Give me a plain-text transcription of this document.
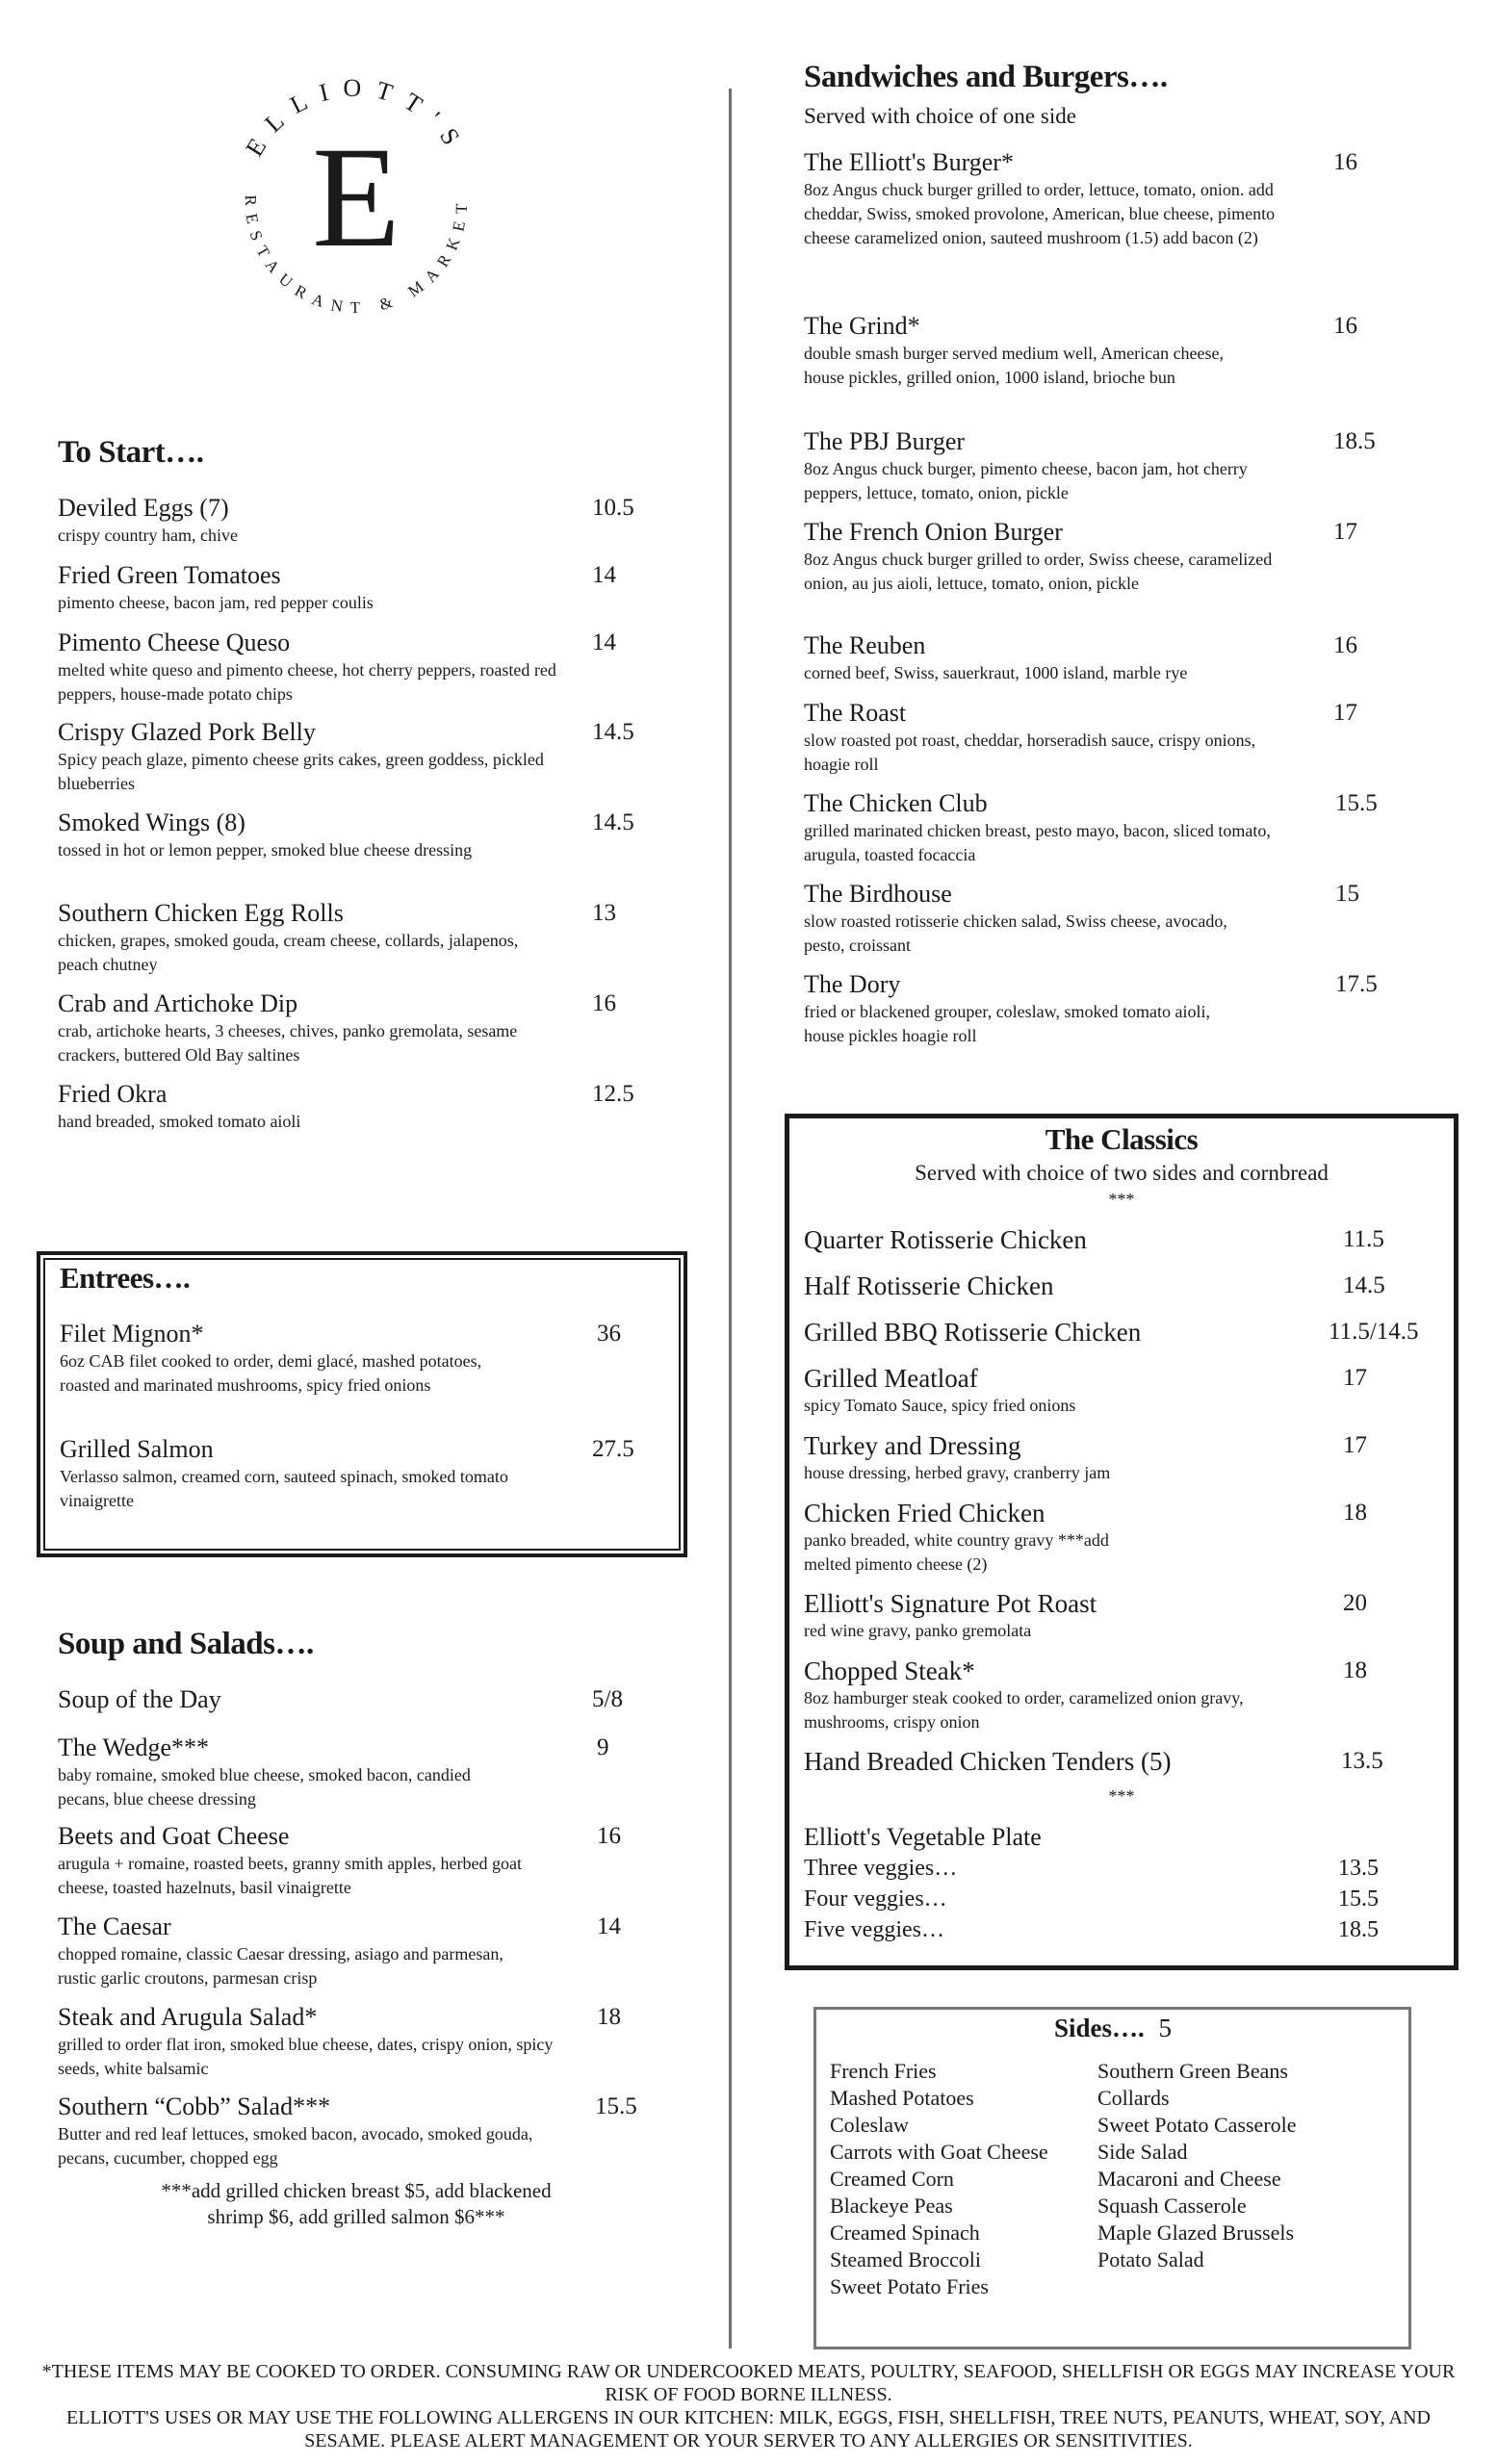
ELLIOTT'S
E
RESTAURANT & MARKET
To Start….
Deviled Eggs (7)
crispy country ham, chive
10.5
Fried Green Tomatoes
pimento cheese, bacon jam, red pepper coulis
14
Pimento Cheese Queso
melted white queso and pimento cheese, hot cherry peppers, roasted red peppers, house-made potato chips
14
Crispy Glazed Pork Belly
Spicy peach glaze, pimento cheese grits cakes, green goddess, pickled blueberries
14.5
Smoked Wings (8)
tossed in hot or lemon pepper, smoked blue cheese dressing
14.5
Southern Chicken Egg Rolls
chicken, grapes, smoked gouda, cream cheese, collards, jalapenos, peach chutney
13
Crab and Artichoke Dip
crab, artichoke hearts, 3 cheeses, chives, panko gremolata, sesame crackers, buttered Old Bay saltines
16
Fried Okra
hand breaded, smoked tomato aioli
12.5
Entrees….
Filet Mignon*
6oz CAB filet cooked to order, demi glacé, mashed potatoes, roasted and marinated mushrooms, spicy fried onions
36
Grilled Salmon
Verlasso salmon, creamed corn, sauteed spinach, smoked tomato vinaigrette
27.5
Soup and Salads….
Soup of the Day	5/8
The Wedge***
baby romaine, smoked blue cheese, smoked bacon, candied pecans, blue cheese dressing
9
Beets and Goat Cheese
arugula + romaine, roasted beets, granny smith apples, herbed goat cheese, toasted hazelnuts, basil vinaigrette
16
The Caesar
chopped romaine, classic Caesar dressing, asiago and parmesan, rustic garlic croutons, parmesan crisp
14
Steak and Arugula Salad*
grilled to order flat iron, smoked blue cheese, dates, crispy onion, spicy seeds, white balsamic
18
Southern “Cobb” Salad***
Butter and red leaf lettuces, smoked bacon, avocado, smoked gouda, pecans, cucumber, chopped egg
15.5
***add grilled chicken breast $5, add blackened shrimp $6, add grilled salmon $6***
Sandwiches and Burgers….
Served with choice of one side
The Elliott's Burger*
8oz Angus chuck burger grilled to order, lettuce, tomato, onion. add cheddar, Swiss, smoked provolone, American, blue cheese, pimento cheese caramelized onion, sauteed mushroom (1.5) add bacon (2)
16
The Grind*
double smash burger served medium well, American cheese, house pickles, grilled onion, 1000 island, brioche bun
16
The PBJ Burger
8oz Angus chuck burger, pimento cheese, bacon jam, hot cherry peppers, lettuce, tomato, onion, pickle
18.5
The French Onion Burger
8oz Angus chuck burger grilled to order, Swiss cheese, caramelized onion, au jus aioli, lettuce, tomato, onion, pickle
17
The Reuben
corned beef, Swiss, sauerkraut, 1000 island, marble rye
16
The Roast
slow roasted pot roast, cheddar, horseradish sauce, crispy onions, hoagie roll
17
The Chicken Club
grilled marinated chicken breast, pesto mayo, bacon, sliced tomato, arugula, toasted focaccia
15.5
The Birdhouse
slow roasted rotisserie chicken salad, Swiss cheese, avocado, pesto, croissant
15
The Dory
fried or blackened grouper, coleslaw, smoked tomato aioli, house pickles hoagie roll
17.5
The Classics
Served with choice of two sides and cornbread
***
Quarter Rotisserie Chicken	11.5
Half Rotisserie Chicken	14.5
Grilled BBQ Rotisserie Chicken	11.5/14.5
Grilled Meatloaf
spicy Tomato Sauce, spicy fried onions
17
Turkey and Dressing
house dressing, herbed gravy, cranberry jam
17
Chicken Fried Chicken
panko breaded, white country gravy ***add melted pimento cheese (2)
18
Elliott's Signature Pot Roast
red wine gravy, panko gremolata
20
Chopped Steak*
8oz hamburger steak cooked to order, caramelized onion gravy, mushrooms, crispy onion
18
Hand Breaded Chicken Tenders (5)	13.5
***
Elliott's Vegetable Plate
Three veggies…	13.5
Four veggies…	15.5
Five veggies…	18.5
Sides…. 5
French Fries
Mashed Potatoes
Coleslaw
Carrots with Goat Cheese
Creamed Corn
Blackeye Peas
Creamed Spinach
Steamed Broccoli
Sweet Potato Fries
Southern Green Beans
Collards
Sweet Potato Casserole
Side Salad
Macaroni and Cheese
Squash Casserole
Maple Glazed Brussels
Potato Salad
*THESE ITEMS MAY BE COOKED TO ORDER. CONSUMING RAW OR UNDERCOOKED MEATS, POULTRY, SEAFOOD, SHELLFISH OR EGGS MAY INCREASE YOUR RISK OF FOOD BORNE ILLNESS.
ELLIOTT'S USES OR MAY USE THE FOLLOWING ALLERGENS IN OUR KITCHEN: MILK, EGGS, FISH, SHELLFISH, TREE NUTS, PEANUTS, WHEAT, SOY, AND SESAME. PLEASE ALERT MANAGEMENT OR YOUR SERVER TO ANY ALLERGIES OR SENSITIVITIES.
